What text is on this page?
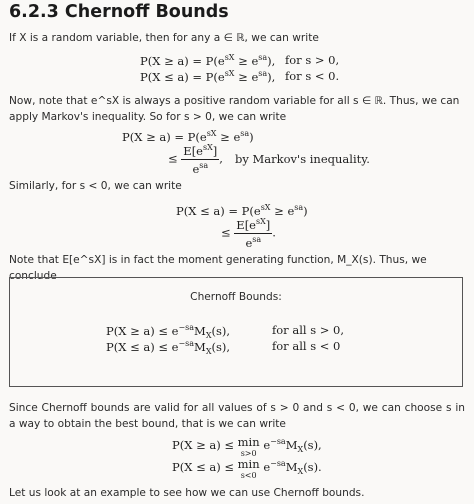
6.2.3 Chernoff Bounds
If X is a random variable, then for any a ∈ ℝ, we can write
$P(X \ge a) = P(e^{sX} \ge e^{sa})$, for s > 0,
$P(X \le a) = P(e^{sX} \ge e^{sa})$, for s < 0.
Now, note that e^sX is always a positive random variable for all s ∈ ℝ. Thus, we can apply Markov's inequality. So for s > 0, we can write
$P(X \ge a) = P(e^{sX} \ge e^{sa})$
≤ $\frac{E[e^{sX}]}{e^{sa}}$ , by Markov's inequality.
Similarly, for s < 0, we can write
$P(X \le a) = P(e^{sX} \ge e^{sa})$
≤ $\frac{E[e^{sX}]}{e^{sa}}$ .
Note that E[e^sX] is in fact the moment generating function, M_X(s). Thus, we conclude
Chernoff Bounds:
$P(X \ge a) \le e^{-sa}M_X(s)$,	for all s > 0,
$P(X \le a) \le e^{-sa}M_X(s)$,	for all s < 0
Since Chernoff bounds are valid for all values of s > 0 and s < 0, we can choose s in a way to obtain the best bound, that is we can write
P(X ≥ a) ≤ min
s>0
$e^{-sa}M_X(s)$,
P(X ≤ a) ≤ min
s<0
$e^{-sa}M_X(s)$.
Let us look at an example to see how we can use Chernoff bounds.
